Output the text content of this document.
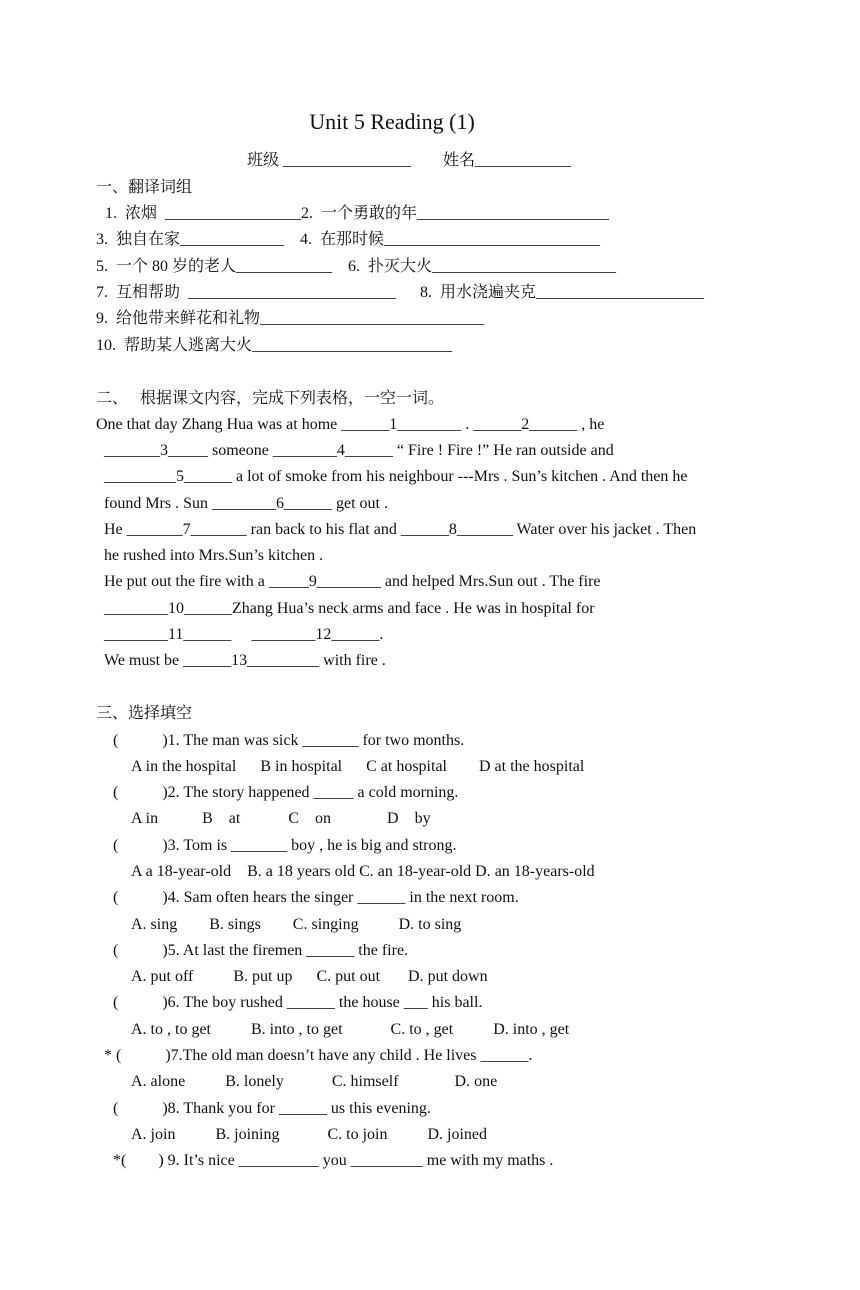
Unit 5 Reading (1)
班级 ________________        姓名____________
一、翻译词组
1.  浓烟  _________________2.  一个勇敢的年________________________
3.  独自在家_____________    4.  在那时候___________________________
5.  一个 80 岁的老人____________    6.  扑灭大火_______________________
7.  互相帮助  __________________________      8.  用水浇遍夹克_____________________
9.  给他带来鲜花和礼物____________________________
10.  帮助某人逃离大火_________________________
二、   根据课文内容，完成下列表格，一空一词。
One that day Zhang Hua was at home ______1________ . ______2______ , he
_______3_____ someone ________4______ “ Fire ! Fire !” He ran outside and
_________5______ a lot of smoke from his neighbour ---Mrs . Sun’s kitchen . And then he
found Mrs . Sun ________6______ get out .
He _______7_______ ran back to his flat and ______8_______ Water over his jacket . Then
he rushed into Mrs.Sun’s kitchen .
He put out the fire with a _____9________ and helped Mrs.Sun out . The fire
________10______Zhang Hua’s neck arms and face . He was in hospital for
________11______     ________12______.
We must be ______13_________ with fire .
三、选择填空
(           )1. The man was sick _______ for two months.
A in the hospital      B in hospital      C at hospital        D at the hospital
(           )2. The story happened _____ a cold morning.
A in           B    at            C    on              D    by
(           )3. Tom is _______ boy , he is big and strong.
A a 18-year-old    B. a 18 years old C. an 18-year-old D. an 18-years-old
(           )4. Sam often hears the singer ______ in the next room.
A. sing        B. sings        C. singing          D. to sing
(           )5. At last the firemen ______ the fire.
A. put off          B. put up      C. put out       D. put down
(           )6. The boy rushed ______ the house ___ his ball.
A. to , to get          B. into , to get            C. to , get          D. into , get
* (           )7.The old man doesn’t have any child . He lives ______.
A. alone          B. lonely            C. himself              D. one
(           )8. Thank you for ______ us this evening.
A. join          B. joining            C. to join          D. joined
*(        ) 9. It’s nice __________ you _________ me with my maths .
